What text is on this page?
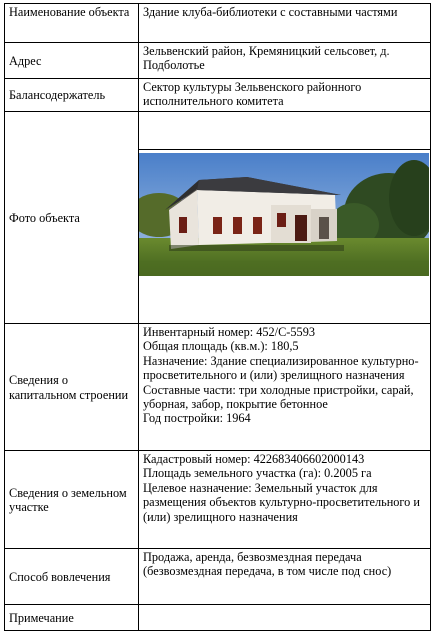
Наименование объекта	Здание клуба-библиотеки с составными частями
Адрес	Зельвенский район, Кремяницкий сельсовет, д. Подболотье
Балансодержатель	Сектор культуры Зельвенского районного исполнительного комитета
Фото объекта	

Сведения о капитальном строении	Инвентарный номер: 452/С-5593
Общая площадь (кв.м.): 180,5
Назначение: Здание специализированное культурно-просветительного и (или) зрелищного назначения
Составные части: три холодные пристройки, сарай, уборная, забор, покрытие бетонное
Год постройки: 1964

Сведения о земельном участке	Кадастровый номер: 422683406602000143
Площадь земельного участка (га): 0.2005 га
Целевое назначение: Земельный участок для размещения объектов культурно-просветительного и (или) зрелищного назначения

Способ вовлечения	Продажа, аренда, безвозмездная передача (безвозмездная передача, в том числе под снос)
Примечание	
